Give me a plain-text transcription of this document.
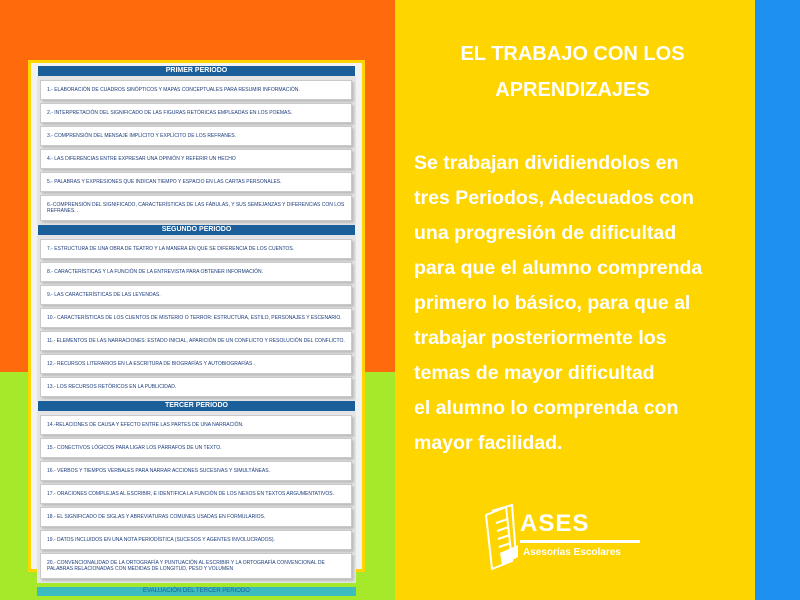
PRIMER PERIODO
1.- ELABORACIÓN DE CUADROS SINÓPTICOS Y MAPAS CONCEPTUALES PARA RESUMIR INFORMACIÓN.
2.- INTERPRETACIÓN DEL SIGNIFICADO DE LAS FIGURAS RETÓRICAS EMPLEADAS EN LOS POEMAS.
3.- COMPRENSIÓN DEL MENSAJE IMPLÍCITO Y EXPLÍCITO DE LOS REFRANES.
4.- LAS DIFERENCIAS ENTRE EXPRESAR UNA OPINIÓN Y REFERIR UN HECHO
5.- PALABRAS Y EXPRESIONES QUE INDICAN TIEMPO Y ESPACIO EN LAS CARTAS PERSONALES.
6.-COMPRENSIÓN DEL SIGNIFICADO, CARACTERÍSTICAS DE LAS FÁBULAS, Y SUS SEMEJANZAS Y DIFERENCIAS CON LOS REFRANES. .
SEGUNDO PERIODO
7.- ESTRUCTURA DE UNA OBRA DE TEATRO Y LA MANERA EN QUE SE DIFERENCIA DE LOS CUENTOS.
8.- CARACTERÍSTICAS Y LA FUNCIÓN DE LA ENTREVISTA PARA OBTENER INFORMACIÓN.
9.- LAS CARACTERÍSTICAS DE LAS LEYENDAS.
10.- CARACTERÍSTICAS DE LOS CUENTOS DE MISTERIO O TERROR: ESTRUCTURA, ESTILO, PERSONAJES Y ESCENARIO.
11.- ELEMENTOS DE LAS NARRACIONES: ESTADO INICIAL, APARICIÓN DE UN CONFLICTO Y RESOLUCIÓN DEL CONFLICTO.
12.- RECURSOS LITERARIOS EN LA ESCRITURA DE BIOGRAFÍAS Y AUTOBIOGRAFÍAS .
13.- LOS RECURSOS RETÓRICOS EN LA PUBLICIDAD.
TERCER PERIODO
14.-RELACIONES DE CAUSA Y EFECTO ENTRE LAS PARTES DE UNA NARRACIÓN.
15.- CONECTIVOS LÓGICOS PARA LIGAR LOS PÁRRAFOS DE UN TEXTO.
16.- VERBOS Y TIEMPOS VERBALES PARA NARRAR ACCIONES SUCESIVAS Y SIMULTÁNEAS.
17.- ORACIONES COMPLEJAS AL ESCRIBIR, E IDENTIFICA LA FUNCIÓN DE LOS NEXOS EN TEXTOS ARGUMENTATIVOS.
18.- EL SIGNIFICADO DE SIGLAS Y ABREVIATURAS COMUNES USADAS EN FORMULARIOS.
19.- DATOS INCLUIDOS EN UNA NOTA PERIODÍSTICA (SUCESOS Y AGENTES INVOLUCRADOS).
20.- CONVENCIONALIDAD DE LA ORTOGRAFÍA Y PUNTUACIÓN AL ESCRIBIR Y LA ORTOGRAFÍA CONVENCIONAL DE PALABRAS RELACIONADAS CON MEDIDAS DE LONGITUD, PESO Y VOLUMEN
EVALUACIÓN DEL TERCER PERIODO
EL TRABAJO CON LOS
APRENDIZAJES
Se trabajan dividiendolos en
tres Periodos, Adecuados con
una progresión de dificultad
para que el alumno comprenda
primero lo básico, para que al
trabajar posteriormente los
temas de mayor dificultad
el alumno lo comprenda con
mayor facilidad.
ASES
Asesorías Escolares
